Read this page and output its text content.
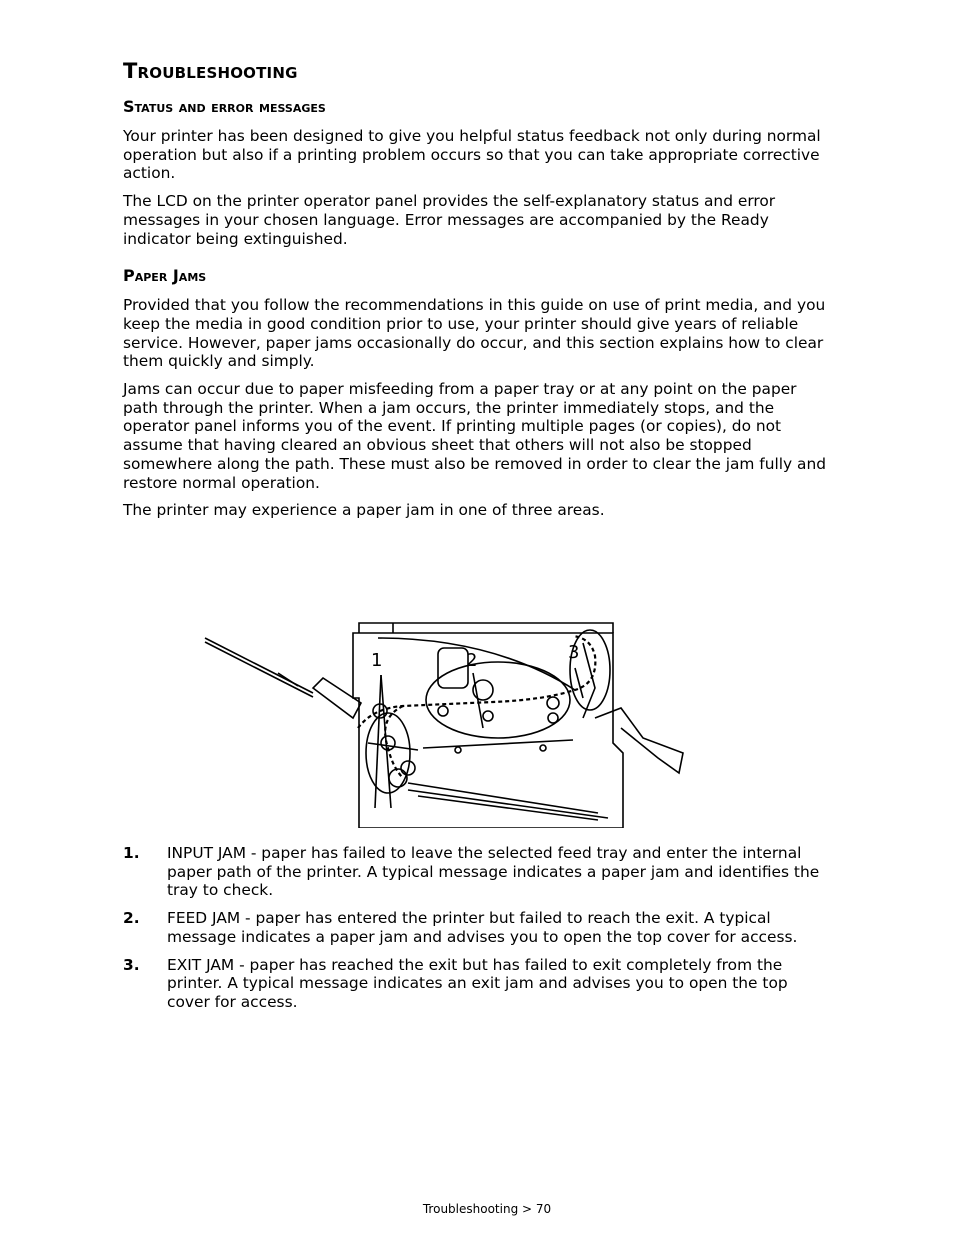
Troubleshooting
Status and error messages

Your printer has been designed to give you helpful status feedback not only during normal operation but also if a printing problem occurs so that you can take appropriate corrective action.

The LCD on the printer operator panel provides the self-explanatory status and error messages in your chosen language. Error messages are accompanied by the Ready indicator being extinguished.

Paper Jams

Provided that you follow the recommendations in this guide on use of print media, and you keep the media in good condition prior to use, your printer should give years of reliable service. However, paper jams occasionally do occur, and this section explains how to clear them quickly and simply.

Jams can occur due to paper misfeeding from a paper tray or at any point on the paper path through the printer. When a jam occurs, the printer immediately stops, and the operator panel informs you of the event. If printing multiple pages (or copies), do not assume that having cleared an obvious sheet that others will not also be stopped somewhere along the path. These must also be removed in order to clear the jam fully and restore normal operation.

The printer may experience a paper jam in one of three areas.

1	2	3
1. INPUT JAM - paper has failed to leave the selected feed tray and enter the internal paper path of the printer. A typical message indicates a paper jam and identifies the tray to check.
2. FEED JAM - paper has entered the printer but failed to reach the exit. A typical message indicates a paper jam and advises you to open the top cover for access.
3. EXIT JAM - paper has reached the exit but has failed to exit completely from the printer. A typical message indicates an exit jam and advises you to open the top cover for access.
Troubleshooting > 70
